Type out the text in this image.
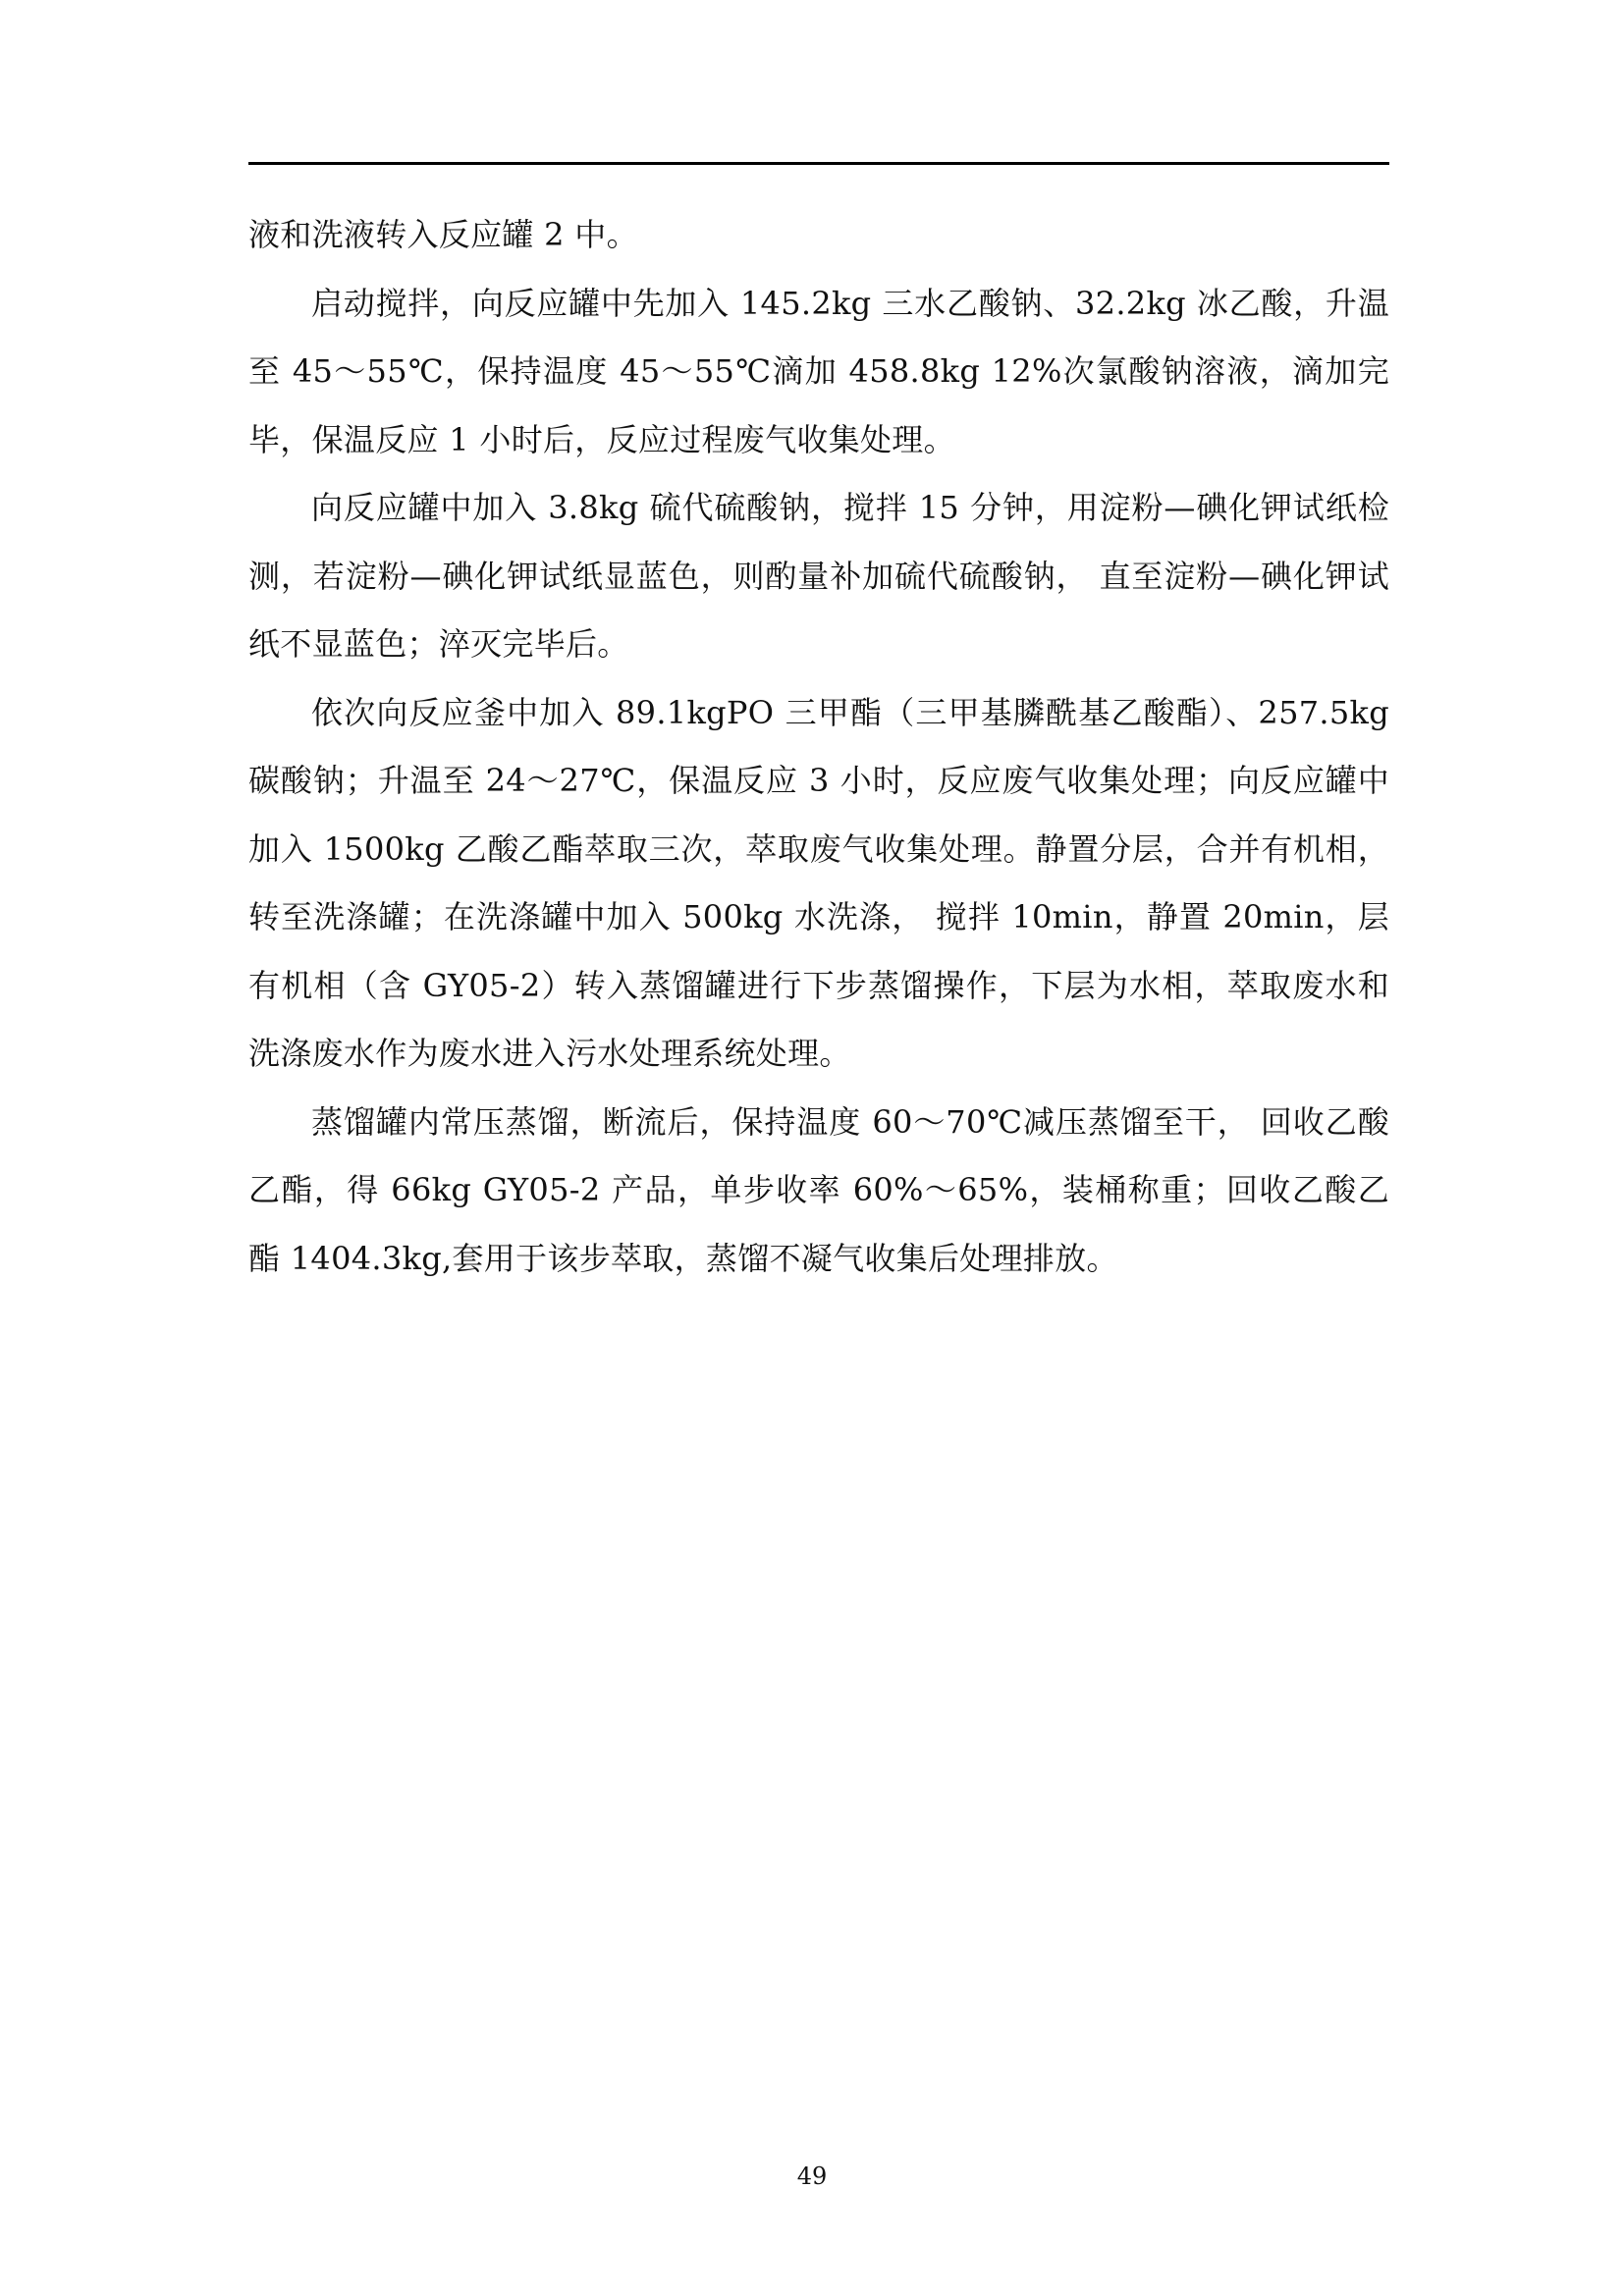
液和洗液转入反应罐 2 中。

启动搅拌，向反应罐中先加入 145.2kg 三水乙酸钠、32.2kg 冰乙酸，升温至 45～55℃，保持温度 45～55℃滴加 458.8kg 12%次氯酸钠溶液，滴加完毕，保温反应 1 小时后，反应过程废气收集处理。

向反应罐中加入 3.8kg 硫代硫酸钠，搅拌 15 分钟，用淀粉—碘化钾试纸检测，若淀粉—碘化钾试纸显蓝色，则酌量补加硫代硫酸钠， 直至淀粉—碘化钾试纸不显蓝色；淬灭完毕后。

依次向反应釜中加入 89.1kgPO 三甲酯（三甲基膦酰基乙酸酯）、257.5kg 碳酸钠；升温至 24～27℃，保温反应 3 小时，反应废气收集处理；向反应罐中加入 1500kg 乙酸乙酯萃取三次，萃取废气收集处理。静置分层，合并有机相，转至洗涤罐；在洗涤罐中加入 500kg 水洗涤， 搅拌 10min，静置 20min，层有机相（含 GY05-2）转入蒸馏罐进行下步蒸馏操作，下层为水相，萃取废水和洗涤废水作为废水进入污水处理系统处理。

蒸馏罐内常压蒸馏，断流后，保持温度 60～70℃减压蒸馏至干， 回收乙酸乙酯，得 66kg GY05-2 产品，单步收率 60%～65%，装桶称重；回收乙酸乙酯 1404.3kg,套用于该步萃取，蒸馏不凝气收集后处理排放。

49
